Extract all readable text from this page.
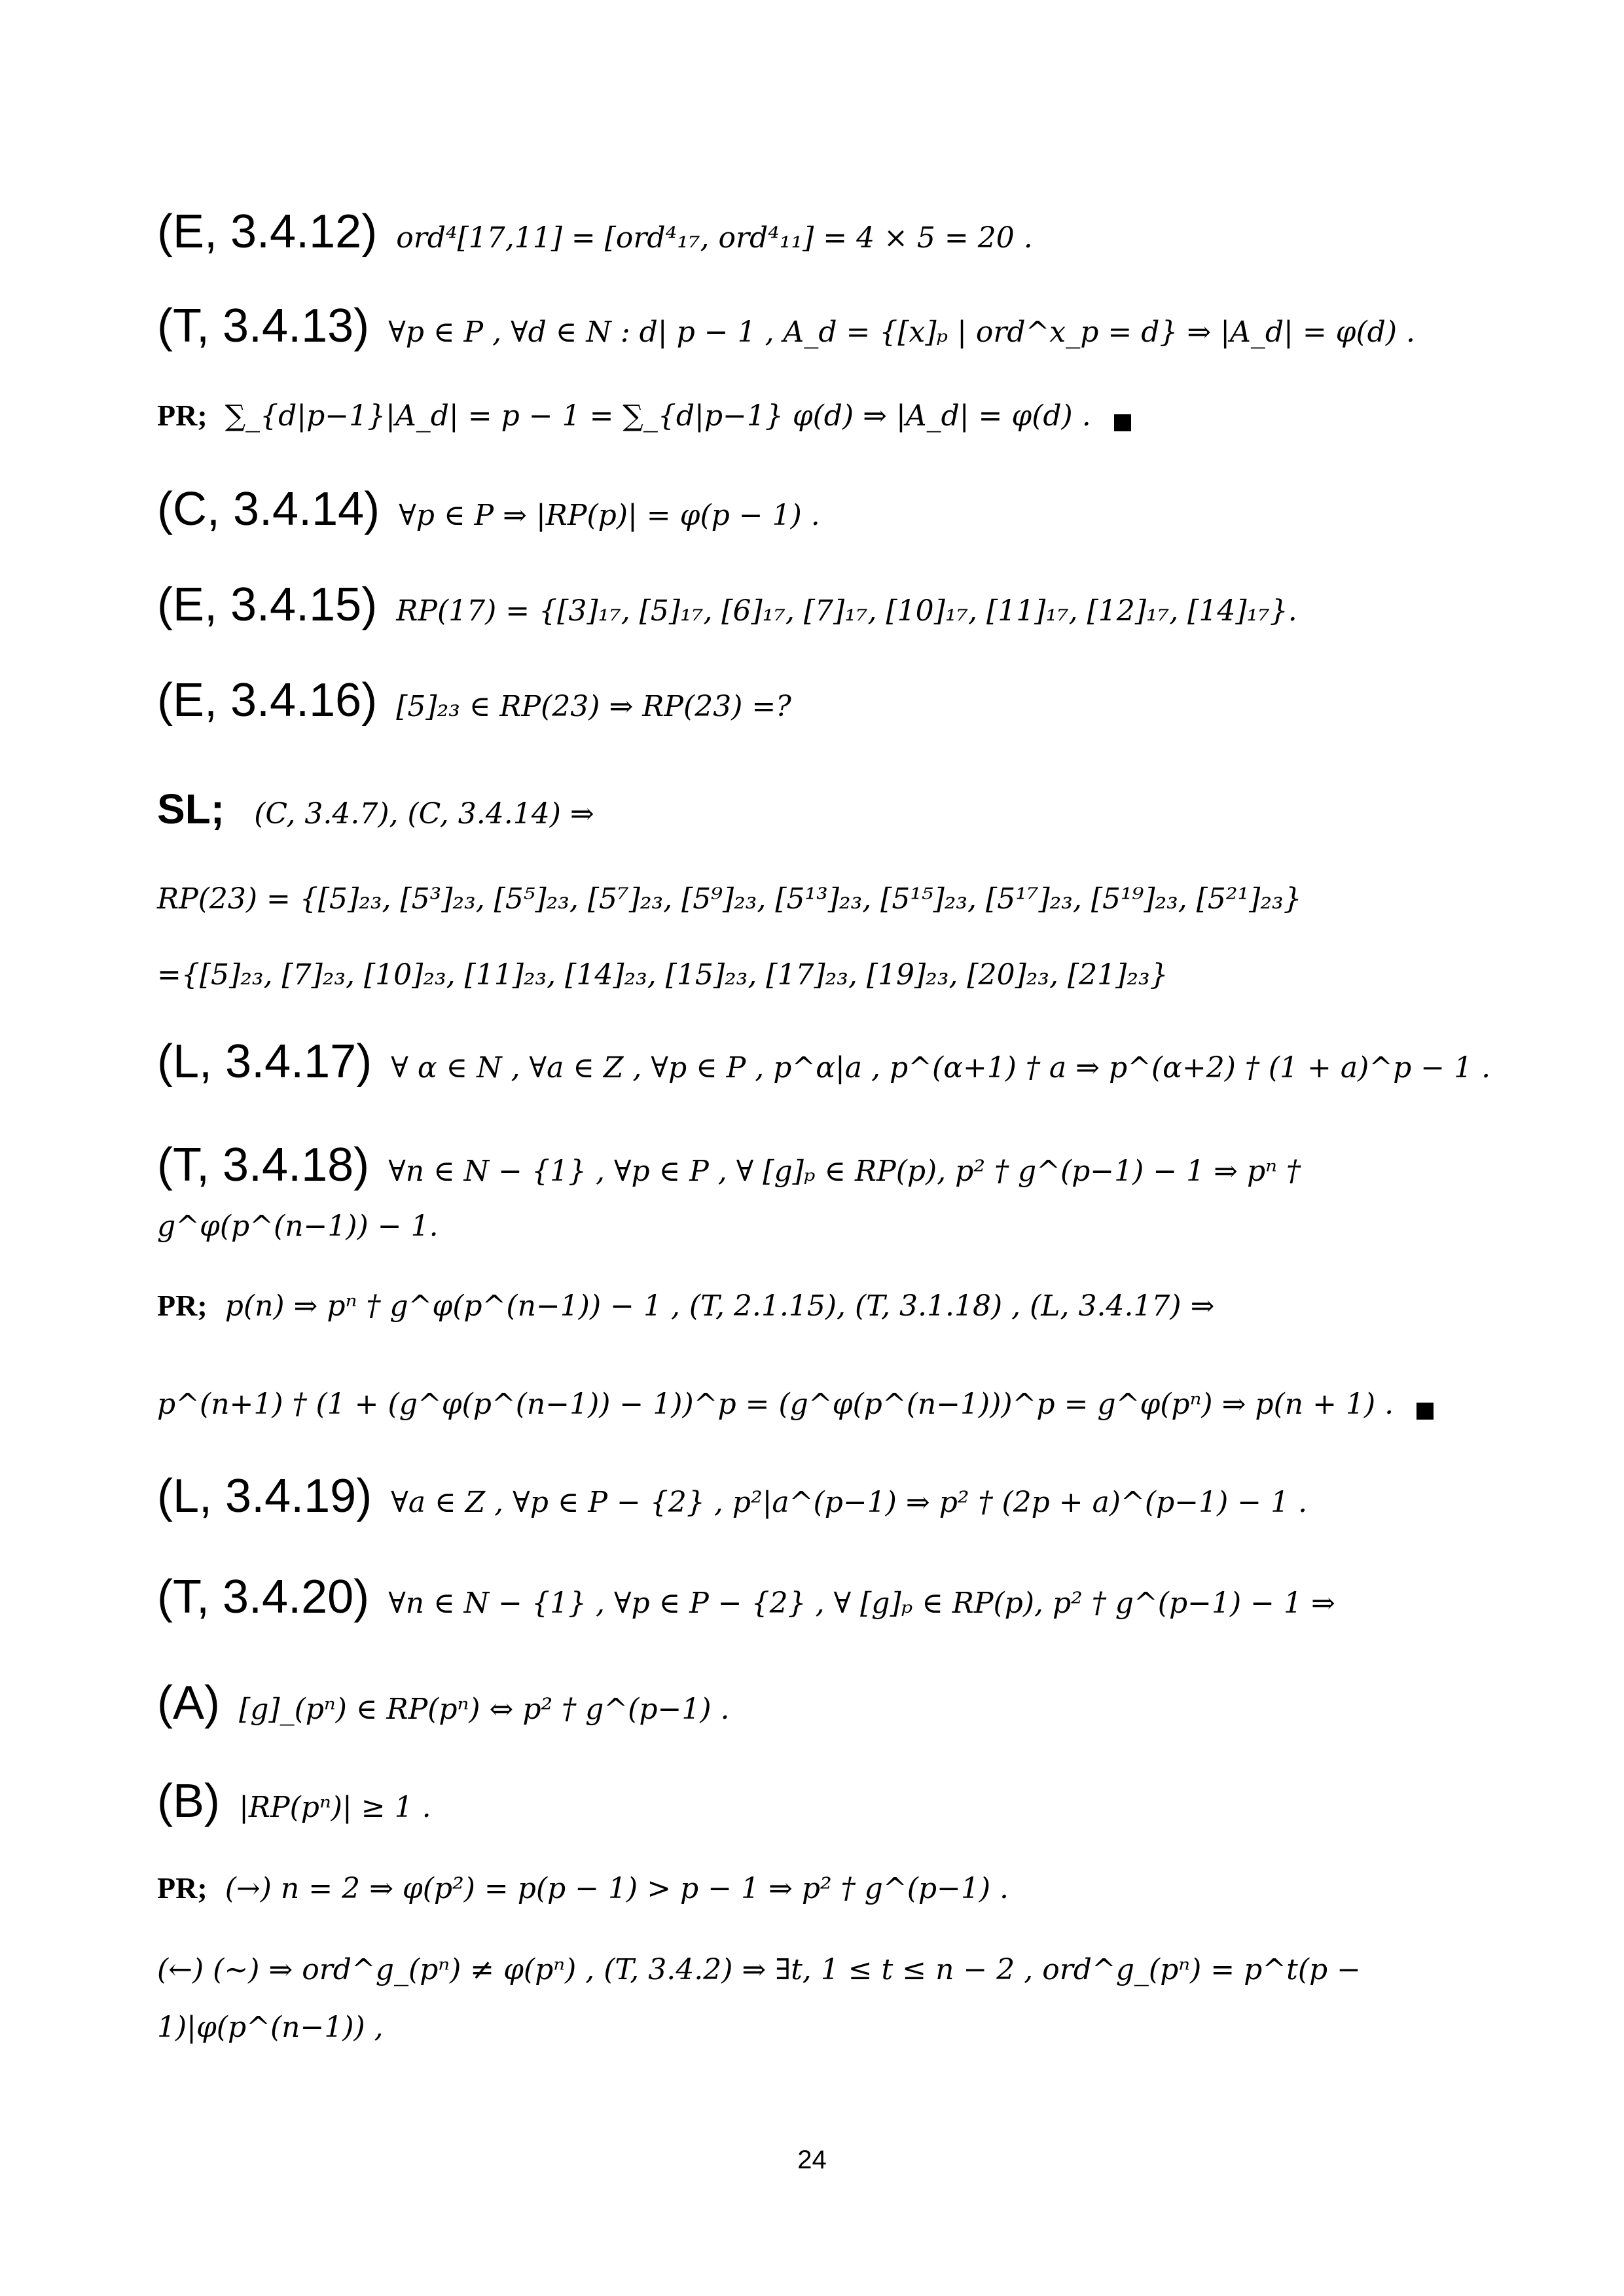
(E, 3.4.12) ord⁴[17,11] = [ord⁴₁₇, ord⁴₁₁] = 4 × 5 = 20 .
(T, 3.4.13) ∀p ∈ P , ∀d ∈ N : d| p − 1 , A_d = {[x]ₚ | ord^x_p = d} ⇒ |A_d| = φ(d) .
PR; ∑_{d|p−1}|A_d| = p − 1 = ∑_{d|p−1} φ(d) ⇒ |A_d| = φ(d) .
(C, 3.4.14) ∀p ∈ P ⇒ |RP(p)| = φ(p − 1) .
(E, 3.4.15) RP(17) = {[3]₁₇, [5]₁₇, [6]₁₇, [7]₁₇, [10]₁₇, [11]₁₇, [12]₁₇, [14]₁₇}.
(E, 3.4.16) [5]₂₃ ∈ RP(23) ⇒ RP(23) =?
SL; (C, 3.4.7), (C, 3.4.14) ⇒
RP(23) = {[5]₂₃, [5³]₂₃, [5⁵]₂₃, [5⁷]₂₃, [5⁹]₂₃, [5¹³]₂₃, [5¹⁵]₂₃, [5¹⁷]₂₃, [5¹⁹]₂₃, [5²¹]₂₃}
={[5]₂₃, [7]₂₃, [10]₂₃, [11]₂₃, [14]₂₃, [15]₂₃, [17]₂₃, [19]₂₃, [20]₂₃, [21]₂₃}
(L, 3.4.17) ∀ α ∈ N , ∀a ∈ Z , ∀p ∈ P , p^α|a , p^(α+1) † a ⇒ p^(α+2) † (1 + a)^p − 1 .
(T, 3.4.18) ∀n ∈ N − {1} , ∀p ∈ P , ∀ [g]ₚ ∈ RP(p), p² † g^(p−1) − 1 ⇒ pⁿ †
g^φ(p^(n−1)) − 1.
PR; p(n) ⇒ pⁿ † g^φ(p^(n−1)) − 1 , (T, 2.1.15), (T, 3.1.18) , (L, 3.4.17) ⇒
p^(n+1) † (1 + (g^φ(p^(n−1)) − 1))^p = (g^φ(p^(n−1)))^p = g^φ(pⁿ) ⇒ p(n + 1) .
(L, 3.4.19) ∀a ∈ Z , ∀p ∈ P − {2} , p²|a^(p−1) ⇒ p² † (2p + a)^(p−1) − 1 .
(T, 3.4.20) ∀n ∈ N − {1} , ∀p ∈ P − {2} , ∀ [g]ₚ ∈ RP(p), p² † g^(p−1) − 1 ⇒
(A) [g]_(pⁿ) ∈ RP(pⁿ) ⇔ p² † g^(p−1) .
(B) |RP(pⁿ)| ≥ 1 .
PR; (→) n = 2 ⇒ φ(p²) = p(p − 1) > p − 1 ⇒ p² † g^(p−1) .
(←) (~) ⇒ ord^g_(pⁿ) ≠ φ(pⁿ) , (T, 3.4.2) ⇒ ∃t, 1 ≤ t ≤ n − 2 , ord^g_(pⁿ) = p^t(p −
1)|φ(p^(n−1)) ,
24
